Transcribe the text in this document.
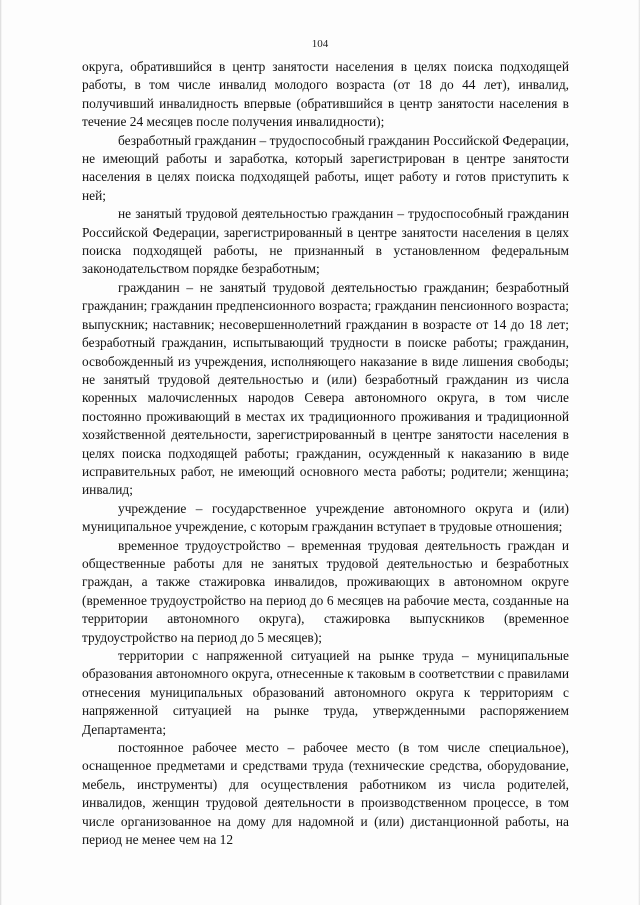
104

округа, обратившийся в центр занятости населения в целях поиска подходящей работы, в том числе инвалид молодого возраста (от 18 до 44 лет), инвалид, получивший инвалидность впервые (обратившийся в центр занятости населения в течение 24 месяцев после получения инвалидности);

безработный гражданин – трудоспособный гражданин Российской Федерации, не имеющий работы и заработка, который зарегистрирован в центре занятости населения в целях поиска подходящей работы, ищет работу и готов приступить к ней;

не занятый трудовой деятельностью гражданин – трудоспособный гражданин Российской Федерации, зарегистрированный в центре занятости населения в целях поиска подходящей работы, не признанный в установленном федеральным законодательством порядке безработным;

гражданин – не занятый трудовой деятельностью гражданин; безработный гражданин; гражданин предпенсионного возраста; гражданин пенсионного возраста; выпускник; наставник; несовершеннолетний гражданин в возрасте от 14 до 18 лет; безработный гражданин, испытывающий трудности в поиске работы; гражданин, освобожденный из учреждения, исполняющего наказание в виде лишения свободы; не занятый трудовой деятельностью и (или) безработный гражданин из числа коренных малочисленных народов Севера автономного округа, в том числе постоянно проживающий в местах их традиционного проживания и традиционной хозяйственной деятельности, зарегистрированный в центре занятости населения в целях поиска подходящей работы; гражданин, осужденный к наказанию в виде исправительных работ, не имеющий основного места работы; родители; женщина; инвалид;

учреждение – государственное учреждение автономного округа и (или) муниципальное учреждение, с которым гражданин вступает в трудовые отношения;

временное трудоустройство – временная трудовая деятельность граждан и общественные работы для не занятых трудовой деятельностью и безработных граждан, а также стажировка инвалидов, проживающих в автономном округе (временное трудоустройство на период до 6 месяцев на рабочие места, созданные на территории автономного округа), стажировка выпускников (временное трудоустройство на период до 5 месяцев);

территории с напряженной ситуацией на рынке труда – муниципальные образования автономного округа, отнесенные к таковым в соответствии с правилами отнесения муниципальных образований автономного округа к территориям с напряженной ситуацией на рынке труда, утвержденными распоряжением Департамента;

постоянное рабочее место – рабочее место (в том числе специальное), оснащенное предметами и средствами труда (технические средства, оборудование, мебель, инструменты) для осуществления работником из числа родителей, инвалидов, женщин трудовой деятельности в производственном процессе, в том числе организованное на дому для надомной и (или) дистанционной работы, на период не менее чем на 12
